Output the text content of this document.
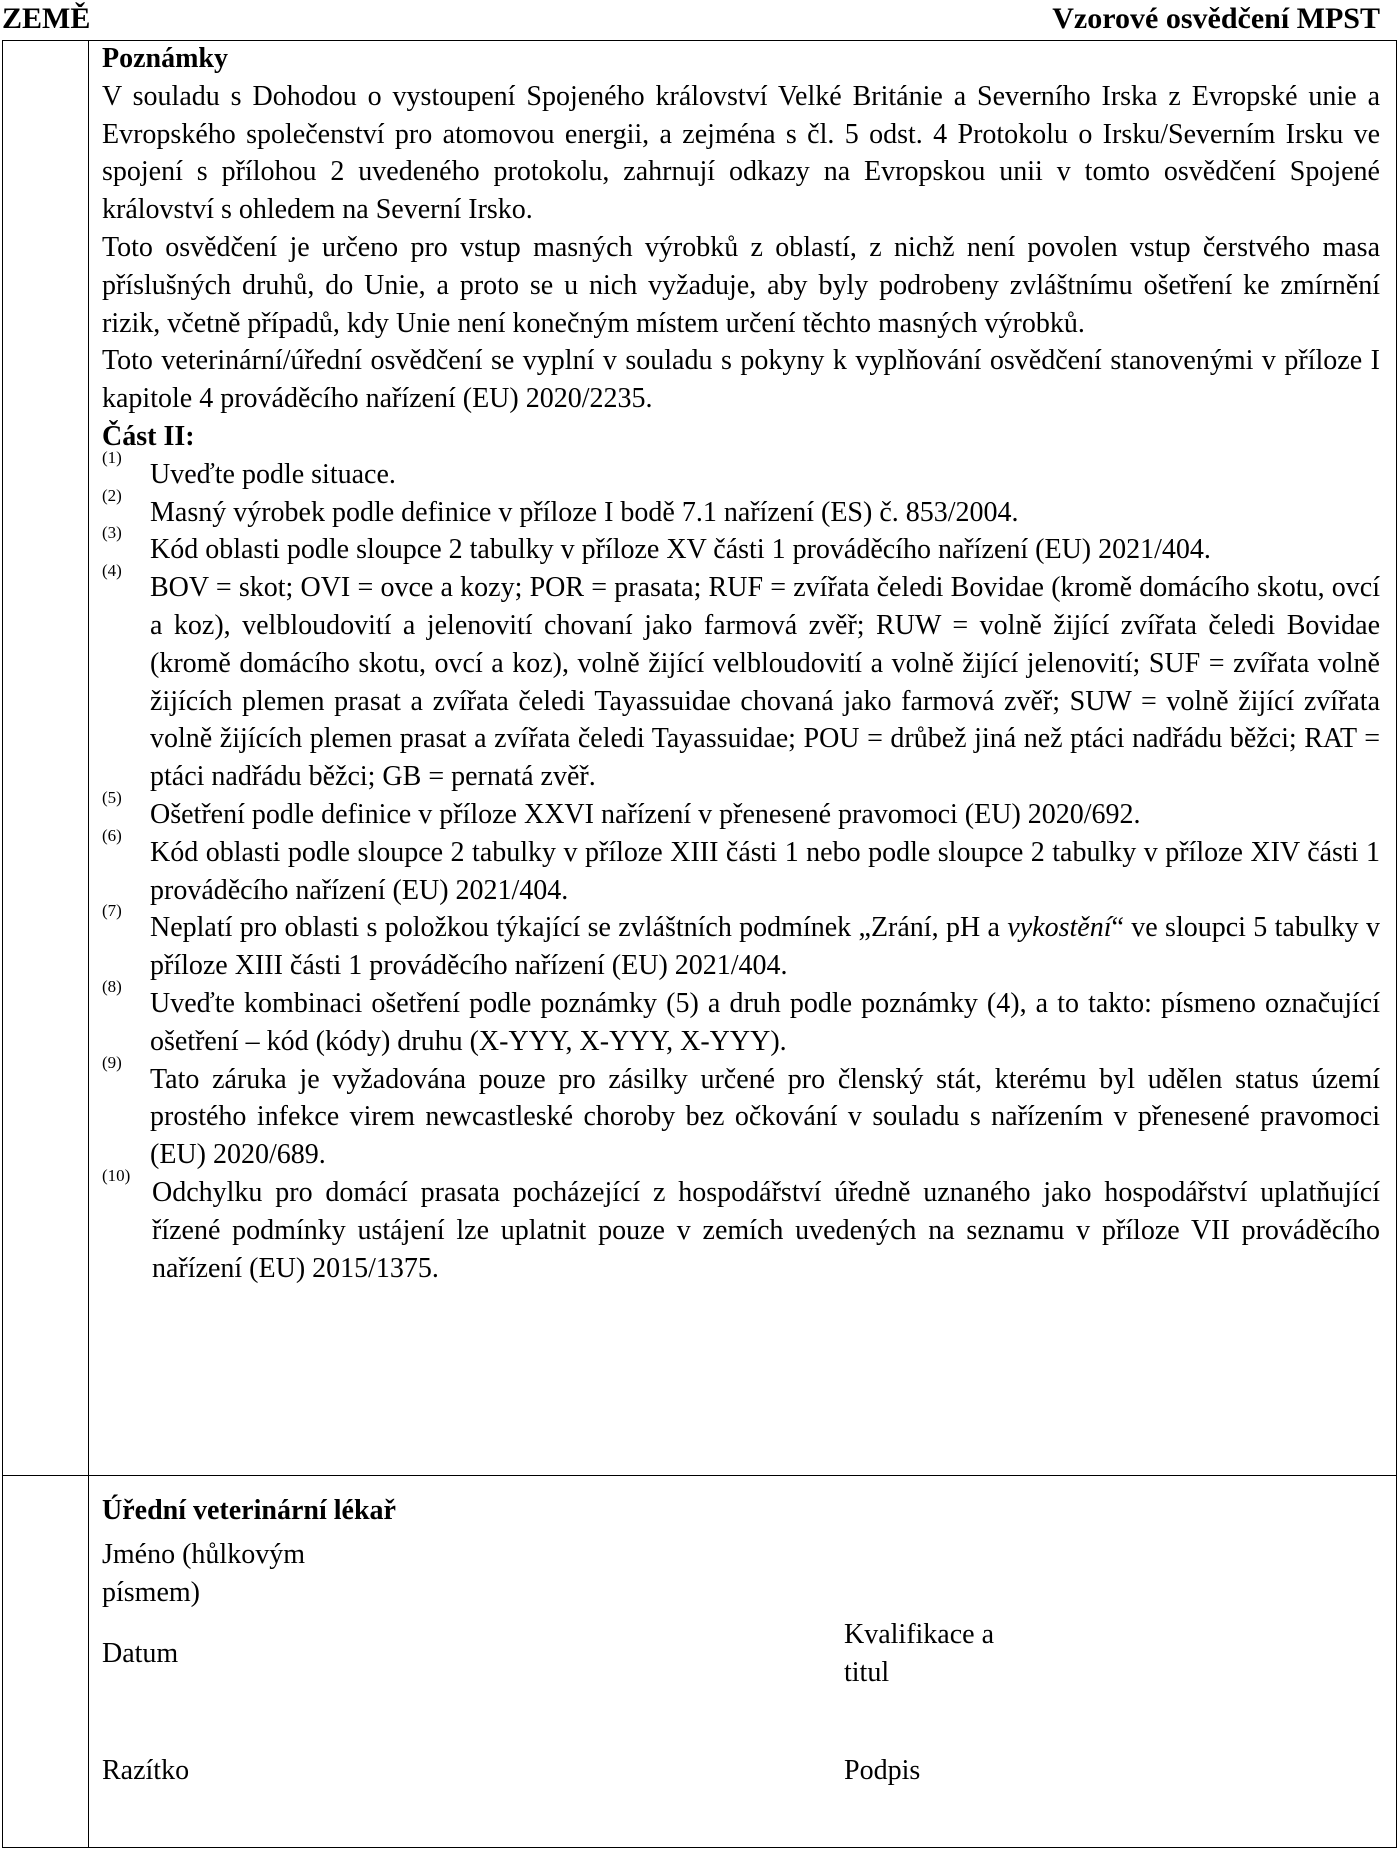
ZEMĚ	Vzorové osvědčení MPST
Poznámky
V souladu s Dohodou o vystoupení Spojeného království Velké Británie a Severního Irska z Evropské unie a Evropského společenství pro atomovou energii, a zejména s čl. 5 odst. 4 Protokolu o Irsku/Severním Irsku ve spojení s přílohou 2 uvedeného protokolu, zahrnují odkazy na Evropskou unii v tomto osvědčení Spojené království s ohledem na Severní Irsko.
Toto osvědčení je určeno pro vstup masných výrobků z oblastí, z nichž není povolen vstup čerstvého masa příslušných druhů, do Unie, a proto se u nich vyžaduje, aby byly podrobeny zvláštnímu ošetření ke zmírnění rizik, včetně případů, kdy Unie není konečným místem určení těchto masných výrobků.
Toto veterinární/úřední osvědčení se vyplní v souladu s pokyny k vyplňování osvědčení stanovenými v příloze I kapitole 4 prováděcího nařízení (EU) 2020/2235.
Část II:
(1)
Uveďte podle situace.
(2)
Masný výrobek podle definice v příloze I bodě 7.1 nařízení (ES) č. 853/2004.
(3)
Kód oblasti podle sloupce 2 tabulky v příloze XV části 1 prováděcího nařízení (EU) 2021/404.
(4)
BOV = skot; OVI = ovce a kozy; POR = prasata; RUF = zvířata čeledi Bovidae (kromě domácího skotu, ovcí a koz), velbloudovití a jelenovití chovaní jako farmová zvěř; RUW = volně žijící zvířata čeledi Bovidae (kromě domácího skotu, ovcí a koz), volně žijící velbloudovití a volně žijící jelenovití; SUF = zvířata volně žijících plemen prasat a zvířata čeledi Tayassuidae chovaná jako farmová zvěř; SUW = volně žijící zvířata volně žijících plemen prasat a zvířata čeledi Tayassuidae; POU = drůbež jiná než ptáci nadřádu běžci; RAT = ptáci nadřádu běžci; GB = pernatá zvěř.
(5)
Ošetření podle definice v příloze XXVI nařízení v přenesené pravomoci (EU) 2020/692.
(6)
Kód oblasti podle sloupce 2 tabulky v příloze XIII části 1 nebo podle sloupce 2 tabulky v příloze XIV části 1 prováděcího nařízení (EU) 2021/404.
(7)
Neplatí pro oblasti s položkou týkající se zvláštních podmínek „Zrání, pH a vykostění“ ve sloupci 5 tabulky v příloze XIII části 1 prováděcího nařízení (EU) 2021/404.
(8)
Uveďte kombinaci ošetření podle poznámky (5) a druh podle poznámky (4), a to takto: písmeno označující ošetření – kód (kódy) druhu (X-YYY, X-YYY, X-YYY).
(9)
Tato záruka je vyžadována pouze pro zásilky určené pro členský stát, kterému byl udělen status území prostého infekce virem newcastleské choroby bez očkování v souladu s nařízením v přenesené pravomoci (EU) 2020/689.
(10)
Odchylku pro domácí prasata pocházející z hospodářství úředně uznaného jako hospodářství uplatňující řízené podmínky ustájení lze uplatnit pouze v zemích uvedených na seznamu v příloze VII prováděcího nařízení (EU) 2015/1375.
Úřední veterinární lékař
Jméno (hůlkovým písmem)
Datum
Kvalifikace a titul
Razítko	Podpis
